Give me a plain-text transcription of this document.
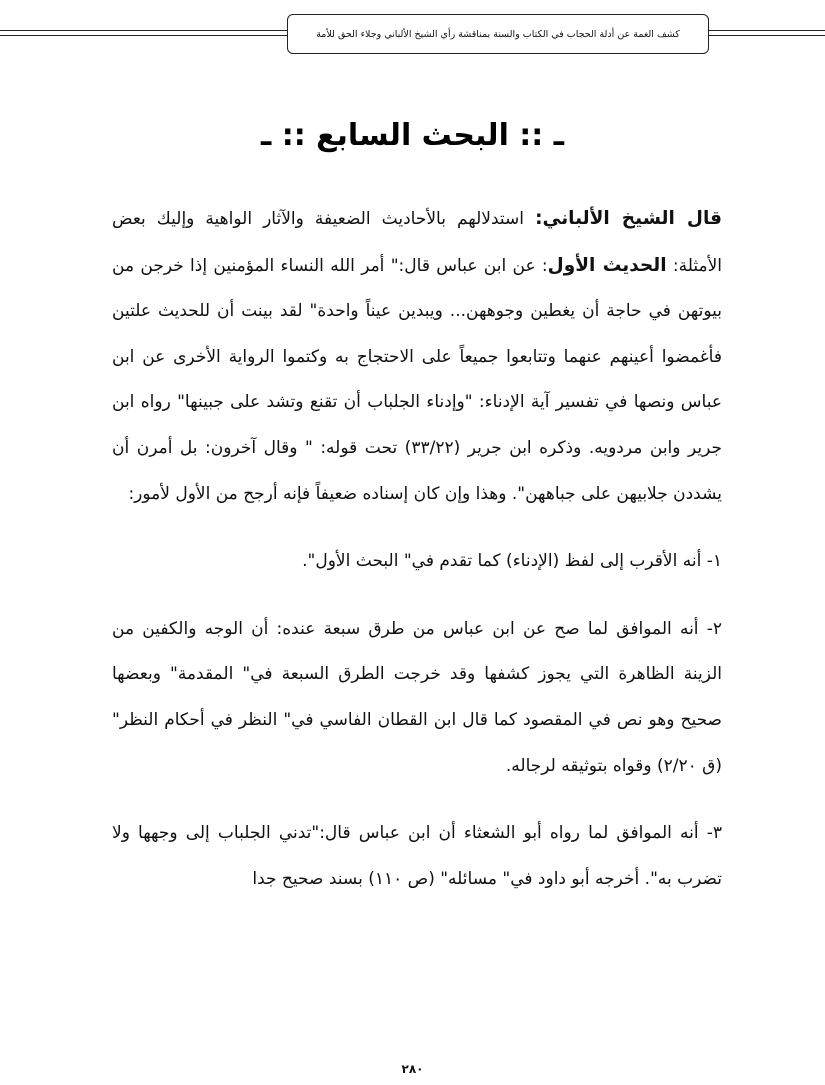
كشف الغمة عن أدلة الحجاب في الكتاب والسنة بمناقشة رأي الشيخ الألباني وجلاء الحق للأمة
ـ :: البحث السابع :: ـ

قال الشيخ الألباني: استدلالهم بالأحاديث الضعيفة والآثار الواهية وإليك بعض الأمثلة: الحديث الأول: عن ابن عباس قال:" أمر الله النساء المؤمنين إذا خرجن من بيوتهن في حاجة أن يغطين وجوههن... ويبدين عيناً واحدة" لقد بينت أن للحديث علتين فأغمضوا أعينهم عنهما وتتابعوا جميعاً على الاحتجاج به وكتموا الرواية الأخرى عن ابن عباس ونصها في تفسير آية الإدناء: "وإدناء الجلباب أن تقنع وتشد على جبينها" رواه ابن جرير وابن مردويه. وذكره ابن جرير (٣٣/٢٢) تحت قوله: " وقال آخرون: بل أمرن أن يشددن جلابيهن على جباههن". وهذا وإن كان إسناده ضعيفاً فإنه أرجح من الأول لأمور:

١- أنه الأقرب إلى لفظ (الإدناء) كما تقدم في" البحث الأول".

٢- أنه الموافق لما صح عن ابن عباس من طرق سبعة عنده: أن الوجه والكفين من الزينة الظاهرة التي يجوز كشفها وقد خرجت الطرق السبعة في" المقدمة" وبعضها صحيح وهو نص في المقصود كما قال ابن القطان الفاسي في" النظر في أحكام النظر" (ق ٢/٢٠) وقواه بتوثيقه لرجاله.

٣- أنه الموافق لما رواه أبو الشعثاء أن ابن عباس قال:"تدني الجلباب إلى وجهها ولا تضرب به". أخرجه أبو داود في" مسائله" (ص ١١٠) بسند صحيح جدا

٢٨٠
